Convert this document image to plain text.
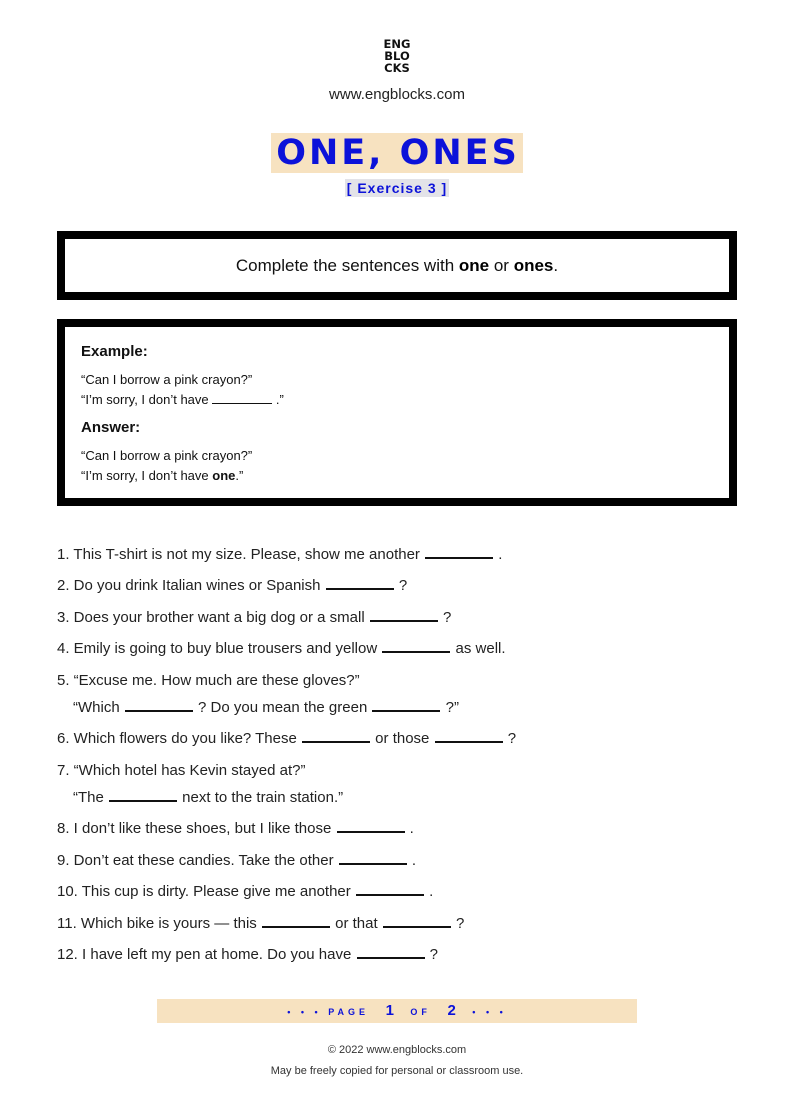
ENG
BLO
CKS
www.engblocks.com
ONE, ONES
[ Exercise 3 ]
Complete the sentences with one or ones.
Example:
“Can I borrow a pink crayon?”
“I’m sorry, I don’t have	.”
Answer:
“Can I borrow a pink crayon?”
“I’m sorry, I don’t have one.”
1. This T-shirt is not my size. Please, show me another	.
2. Do you drink Italian wines or Spanish	?
3. Does your brother want a big dog or a small	?
4. Emily is going to buy blue trousers and yellow	as well.
5. “Excuse me. How much are these gloves?”
“Which	? Do you mean the green	?”
6. Which flowers do you like? These	or those	?
7. “Which hotel has Kevin stayed at?”
“The	next to the train station.”
8. I don’t like these shoes, but I like those	.
9. Don’t eat these candies. Take the other	.
10. This cup is dirty. Please give me another	.
11. Which bike is yours — this	or that	?
12. I have left my pen at home. Do you have	?
• • • PAGE 1 OF 2 • • •
© 2022 www.engblocks.com
May be freely copied for personal or classroom use.
